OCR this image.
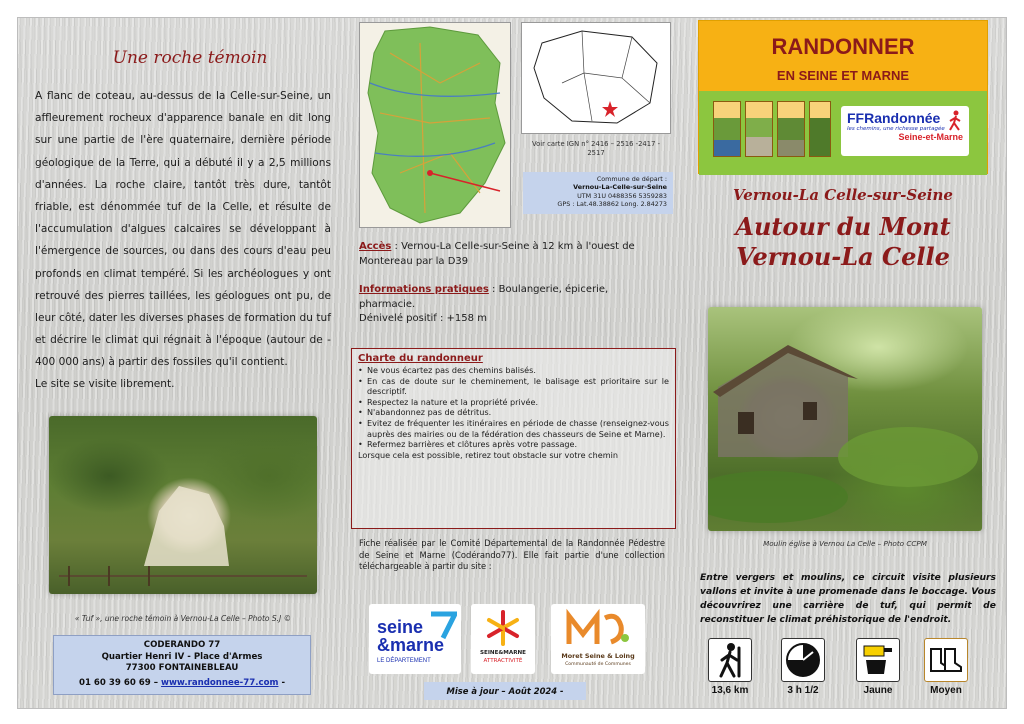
Une roche témoin
A flanc de coteau, au-dessus de la Celle-sur-Seine, un affleurement rocheux d'apparence banale en dit long sur une partie de l'ère quaternaire, dernière période géologique de la Terre, qui a débuté il y a 2,5 millions d'années. La roche claire, tantôt très dure, tantôt friable, est dénommée tuf de la Celle, et résulte de l'accumulation d'algues calcaires se développant à l'émergence de sources, ou dans des cours d'eau peu profonds en climat tempéré. Si les archéologues y ont retrouvé des pierres taillées, les géologues ont pu, de leur côté, dater les diverses phases de formation du tuf et décrire le climat qui régnait à l'époque (autour de - 400 000 ans) à partir des fossiles qu'il contient.
Le site se visite librement.
« Tuf », une roche témoin à Vernou-La Celle – Photo S.J ©
CODERANDO 77
Quartier Henri IV - Place d'Armes
77300 FONTAINEBLEAU
01 60 39 60 69 – www.randonnee-77.com -
Voir carte IGN n° 2416 – 2516 -2417 - 2517
Commune de départ :
Vernou-La-Celle-sur-Seine
UTM 31U 0488356 5359283
GPS : Lat.48.38862 Long. 2.84273
Accès : Vernou-La Celle-sur-Seine à 12 km à l'ouest de Montereau par la D39
Informations pratiques : Boulangerie, épicerie, pharmacie.
Dénivelé positif : +158 m
Charte du randonneur
• Ne vous écartez pas des chemins balisés.
• En cas de doute sur le cheminement, le balisage est prioritaire sur le descriptif.
• Respectez la nature et la propriété privée.
• N'abandonnez pas de détritus.
• Evitez de fréquenter les itinéraires en période de chasse (renseignez-vous auprès des mairies ou de la fédération des chasseurs de Seine et Marne).
• Refermez barrières et clôtures après votre passage.
Lorsque cela est possible, retirez tout obstacle sur votre chemin
Fiche réalisée par le Comité Départemental de la Randonnée Pédestre de Seine et Marne (Codérando77). Elle fait partie d'une collection téléchargeable à partir du site :
seine
&marne
LE DÉPARTEMENT
SEINE&MARNE
ATTRACTIVITÉ
Moret Seine & Loing
Communauté de Communes
Mise à jour – Août 2024 -
RANDONNER
EN SEINE ET MARNE
FFRandonnée
les chemins, une richesse partagée
Seine-et-Marne
Vernou-La Celle-sur-Seine
Autour du Mont
Vernou-La Celle
Moulin église à Vernou La Celle – Photo CCPM
Entre vergers et moulins, ce circuit visite plusieurs vallons et invite à une promenade dans le boccage. Vous découvrirez une carrière de tuf, qui permit de reconstituer le climat préhistorique de l'endroit.
13,6 km	3 h 1/2	Jaune	Moyen
